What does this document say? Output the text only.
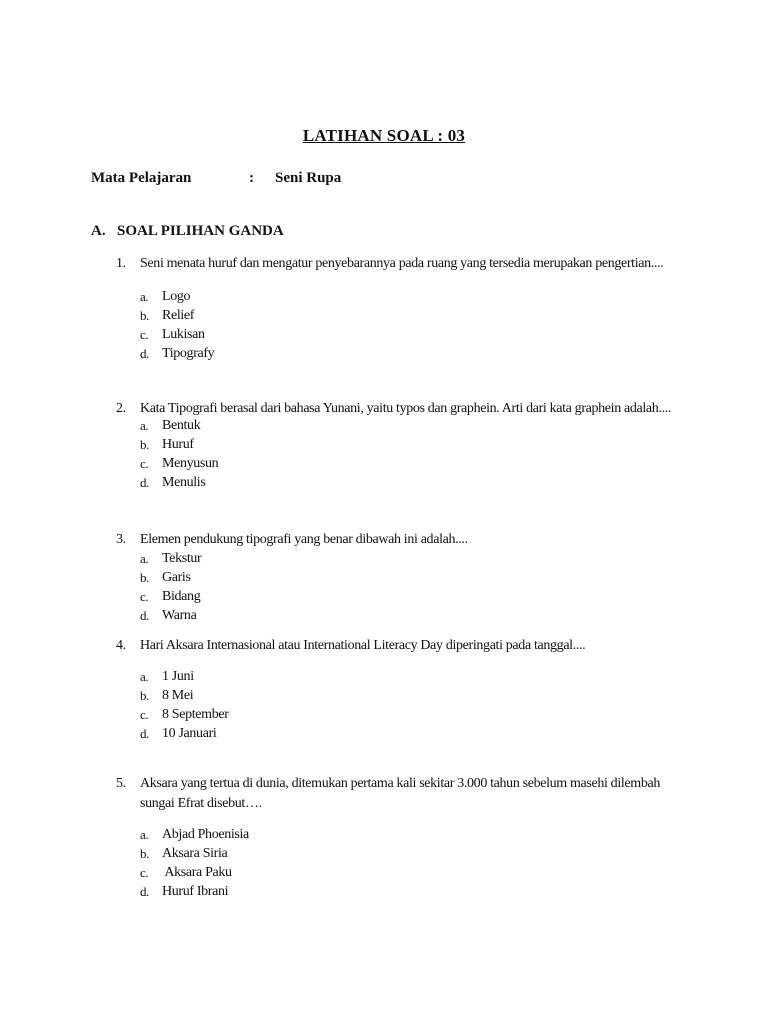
LATIHAN SOAL : 03
Mata Pelajaran	:	Seni Rupa
A. SOAL PILIHAN GANDA
1.	Seni menata huruf dan mengatur penyebarannya pada ruang yang tersedia merupakan pengertian....
a. Logo
b. Relief
c. Lukisan
d. Tipografy
2.	Kata Tipografi berasal dari bahasa Yunani, yaitu typos dan graphein. Arti dari kata graphein adalah....
a. Bentuk
b. Huruf
c. Menyusun
d. Menulis
3.	Elemen pendukung tipografi yang benar dibawah ini adalah....
a. Tekstur
b. Garis
c. Bidang
d. Warna
4.	Hari Aksara Internasional atau International Literacy Day diperingati pada tanggal....
a. 1 Juni
b. 8 Mei
c. 8 September
d. 10 Januari
5.	Aksara yang tertua di dunia, ditemukan pertama kali sekitar 3.000 tahun sebelum masehi dilembah sungai Efrat disebut….
a. Abjad Phoenisia
b. Aksara Siria
c. Aksara Paku
d. Huruf Ibrani
